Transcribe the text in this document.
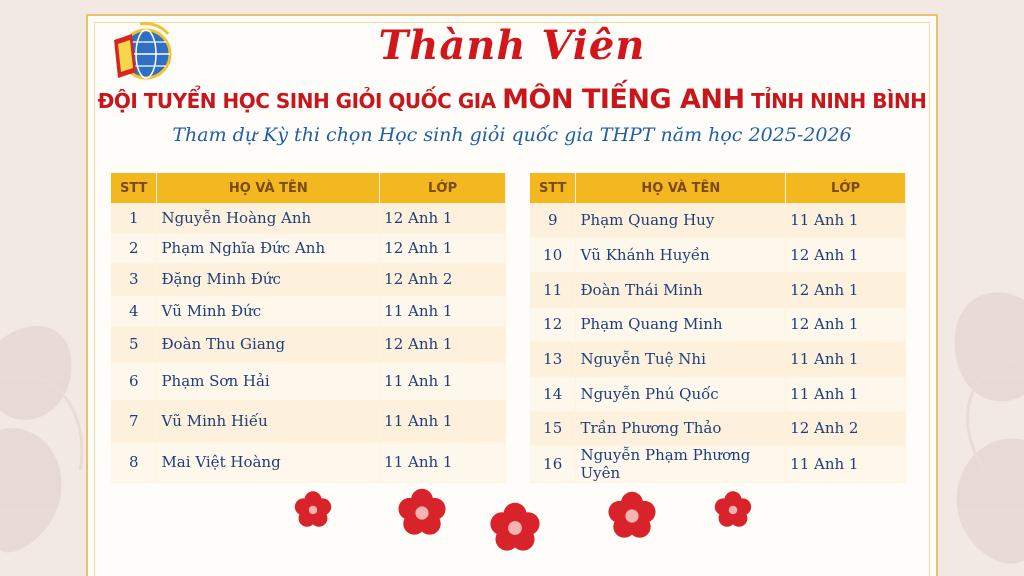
Thành Viên
ĐỘI TUYỂN HỌC SINH GIỎI QUỐC GIA MÔN TIẾNG ANH TỈNH NINH BÌNH
Tham dự Kỳ thi chọn Học sinh giỏi quốc gia THPT năm học 2025-2026
STT	HỌ VÀ TÊN	LỚP
1	Nguyễn Hoàng Anh	12 Anh 1
2	Phạm Nghĩa Đức Anh	12 Anh 1
3	Đặng Minh Đức	12 Anh 2
4	Vũ Minh Đức	11 Anh 1
5	Đoàn Thu Giang	12 Anh 1
6	Phạm Sơn Hải	11 Anh 1
7	Vũ Minh Hiếu	11 Anh 1
8	Mai Việt Hoàng	11 Anh 1
STT	HỌ VÀ TÊN	LỚP
9	Phạm Quang Huy	11 Anh 1
10	Vũ Khánh Huyền	12 Anh 1
11	Đoàn Thái Minh	12 Anh 1
12	Phạm Quang Minh	12 Anh 1
13	Nguyễn Tuệ Nhi	11 Anh 1
14	Nguyễn Phú Quốc	11 Anh 1
15	Trần Phương Thảo	12 Anh 2
16	Nguyễn Phạm Phương Uyên	11 Anh 1
